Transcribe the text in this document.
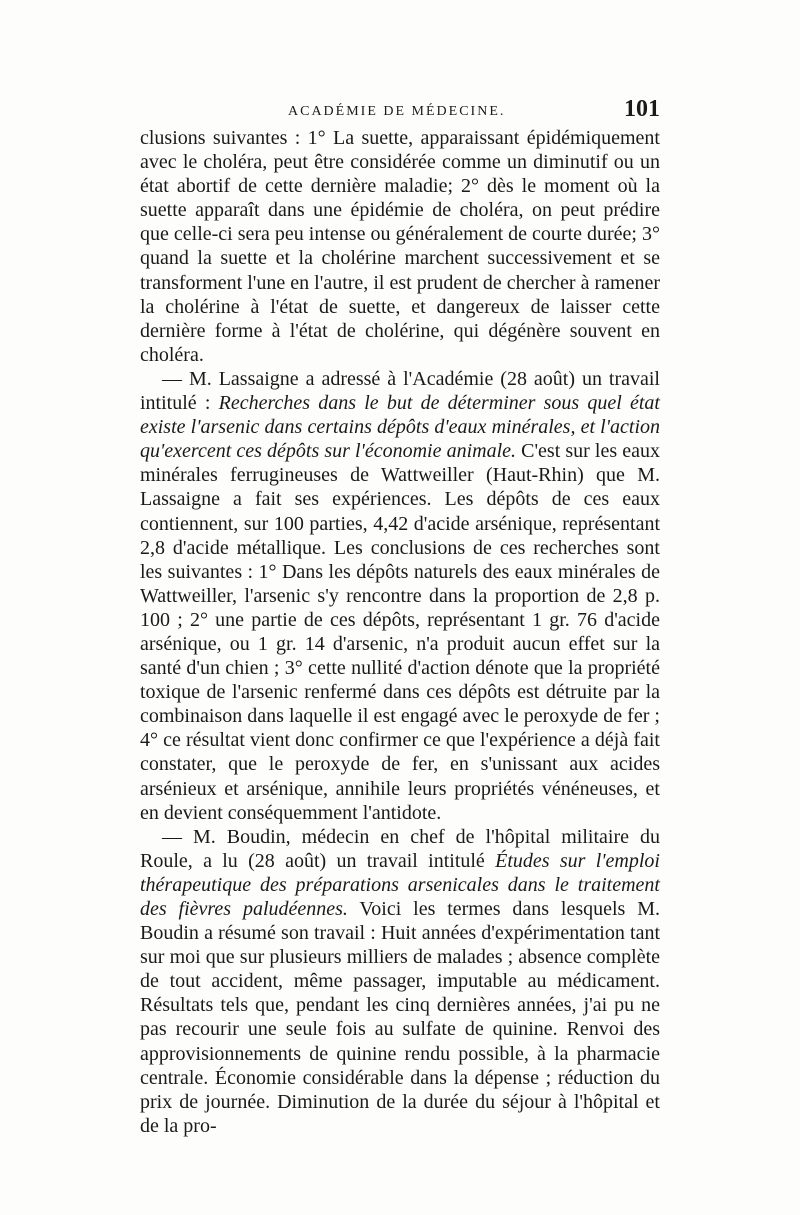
ACADÉMIE DE MÉDECINE.	101

clusions suivantes : 1° La suette, apparaissant épidémiquement avec le choléra, peut être considérée comme un diminutif ou un état abortif de cette dernière maladie; 2° dès le moment où la suette apparaît dans une épidémie de choléra, on peut prédire que celle-ci sera peu intense ou généralement de courte durée; 3° quand la suette et la cholérine marchent successivement et se transforment l'une en l'autre, il est prudent de chercher à ramener la cholérine à l'état de suette, et dangereux de laisser cette dernière forme à l'état de cholérine, qui dégénère souvent en choléra.

— M. Lassaigne a adressé à l'Académie (28 août) un travail intitulé : Recherches dans le but de déterminer sous quel état existe l'arsenic dans certains dépôts d'eaux minérales, et l'action qu'exercent ces dépôts sur l'économie animale. C'est sur les eaux minérales ferrugineuses de Wattweiller (Haut-Rhin) que M. Lassaigne a fait ses expériences. Les dépôts de ces eaux contiennent, sur 100 parties, 4,42 d'acide arsénique, représentant 2,8 d'acide métallique. Les conclusions de ces recherches sont les suivantes : 1° Dans les dépôts naturels des eaux minérales de Wattweiller, l'arsenic s'y rencontre dans la proportion de 2,8 p. 100 ; 2° une partie de ces dépôts, représentant 1 gr. 76 d'acide arsénique, ou 1 gr. 14 d'arsenic, n'a produit aucun effet sur la santé d'un chien ; 3° cette nullité d'action dénote que la propriété toxique de l'arsenic renfermé dans ces dépôts est détruite par la combinaison dans laquelle il est engagé avec le peroxyde de fer ; 4° ce résultat vient donc confirmer ce que l'expérience a déjà fait constater, que le peroxyde de fer, en s'unissant aux acides arsénieux et arsénique, annihile leurs propriétés vénéneuses, et en devient conséquemment l'antidote.

— M. Boudin, médecin en chef de l'hôpital militaire du Roule, a lu (28 août) un travail intitulé Études sur l'emploi thérapeutique des préparations arsenicales dans le traitement des fièvres paludéennes. Voici les termes dans lesquels M. Boudin a résumé son travail : Huit années d'expérimentation tant sur moi que sur plusieurs milliers de malades ; absence complète de tout accident, même passager, imputable au médicament. Résultats tels que, pendant les cinq dernières années, j'ai pu ne pas recourir une seule fois au sulfate de quinine. Renvoi des approvisionnements de quinine rendu possible, à la pharmacie centrale. Économie considérable dans la dépense ; réduction du prix de journée. Diminution de la durée du séjour à l'hôpital et de la pro-
